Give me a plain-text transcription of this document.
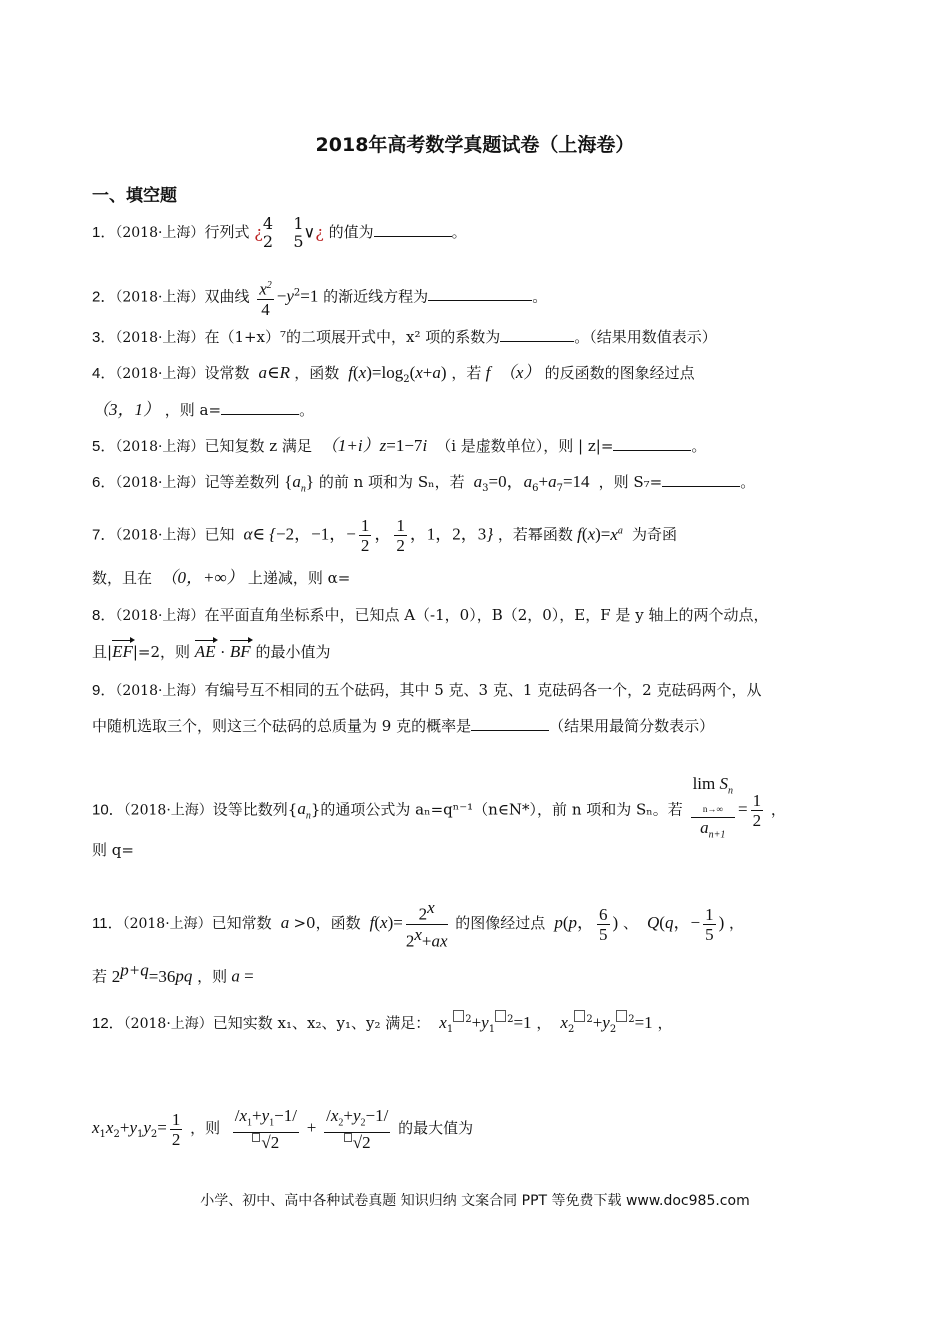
2018年高考数学真题试卷（上海卷）
一、填空题
1．（2018·上海）行列式 ¿ 4    1
2    5 ∨¿ 的值为	。
2．（2018·上海）双曲线 $\frac{x^2}{4} -y^2=1$ 的渐近线方程为	。
3．（2018·上海）在（1+x）⁷的二项展开式中，x² 项的系数为	。（结果用数值表示）
4．（2018·上海）设常数  a∈R ，函数  $f(x)=\log_2(x+a)$ ，若 f  （x） 的反函数的图象经过点
（3，1） ，则 a=	。
5．（2018·上海）已知复数 z 满足  （1+i）z=1−7i  （i 是虚数单位），则 | z|=	。
6．（2018·上海）记等差数列 $\{a_n\}$ 的前 n 项和为 Sₙ，若  $a_3=0$，$a_6+a_7=14$  ，则 S₇=	。
7．（2018·上海）已知  α∈ {−2，−1，− $\frac{1}{2}$ ， $\frac{1}{2}$ ，1，2，3} ，若幂函数 $f(x)=x^a$ 为奇函
数，且在  （0，+∞） 上递减，则 α=
8．（2018·上海）在平面直角坐标系中，已知点 A（-1，0），B（2，0），E，F 是 y 轴上的两个动点，
且|EF|=2，则 AE · BF 的最小值为
9．（2018·上海）有编号互不相同的五个砝码，其中 5 克、3 克、1 克砝码各一个，2 克砝码两个，从
中随机选取三个，则这三个砝码的总质量为 9 克的概率是	（结果用最简分数表示）
10．（2018·上海）设等比数列$\{a_n\}$的通项公式为 aₙ=qⁿ⁻¹（n∈N*），前 n 项和为 Sₙ。若
$\lim S_n$
n→∞
$a_{n+1}$
= $\frac{1}{2}$ ，
则 q=
11．（2018·上海）已知常数  a >0，函数  $f(x)= \frac{2^x}{2^x+ax}$ 的图像经过点  p(p， $\frac{6}{5}$ ) 、  Q(q，− $\frac{1}{5}$ ) ，
若 $2^{p+q}=36pq$ ，则 a =
12．（2018·上海）已知实数 x₁、x₂、y₁、y₂ 满足：  $x_1^2+y_1^2=1$ ，  $x_2^2+y_2^2=1$ ，
$x_1x_2+y_1y_2= \frac{1}{2}$ ，则 $\frac{/x_1+y_1-1/}{√2} + \frac{/x_2+y_2-1/}{√2}$ 的最大值为
小学、初中、高中各种试卷真题 知识归纳 文案合同 PPT 等免费下载 www.doc985.com
